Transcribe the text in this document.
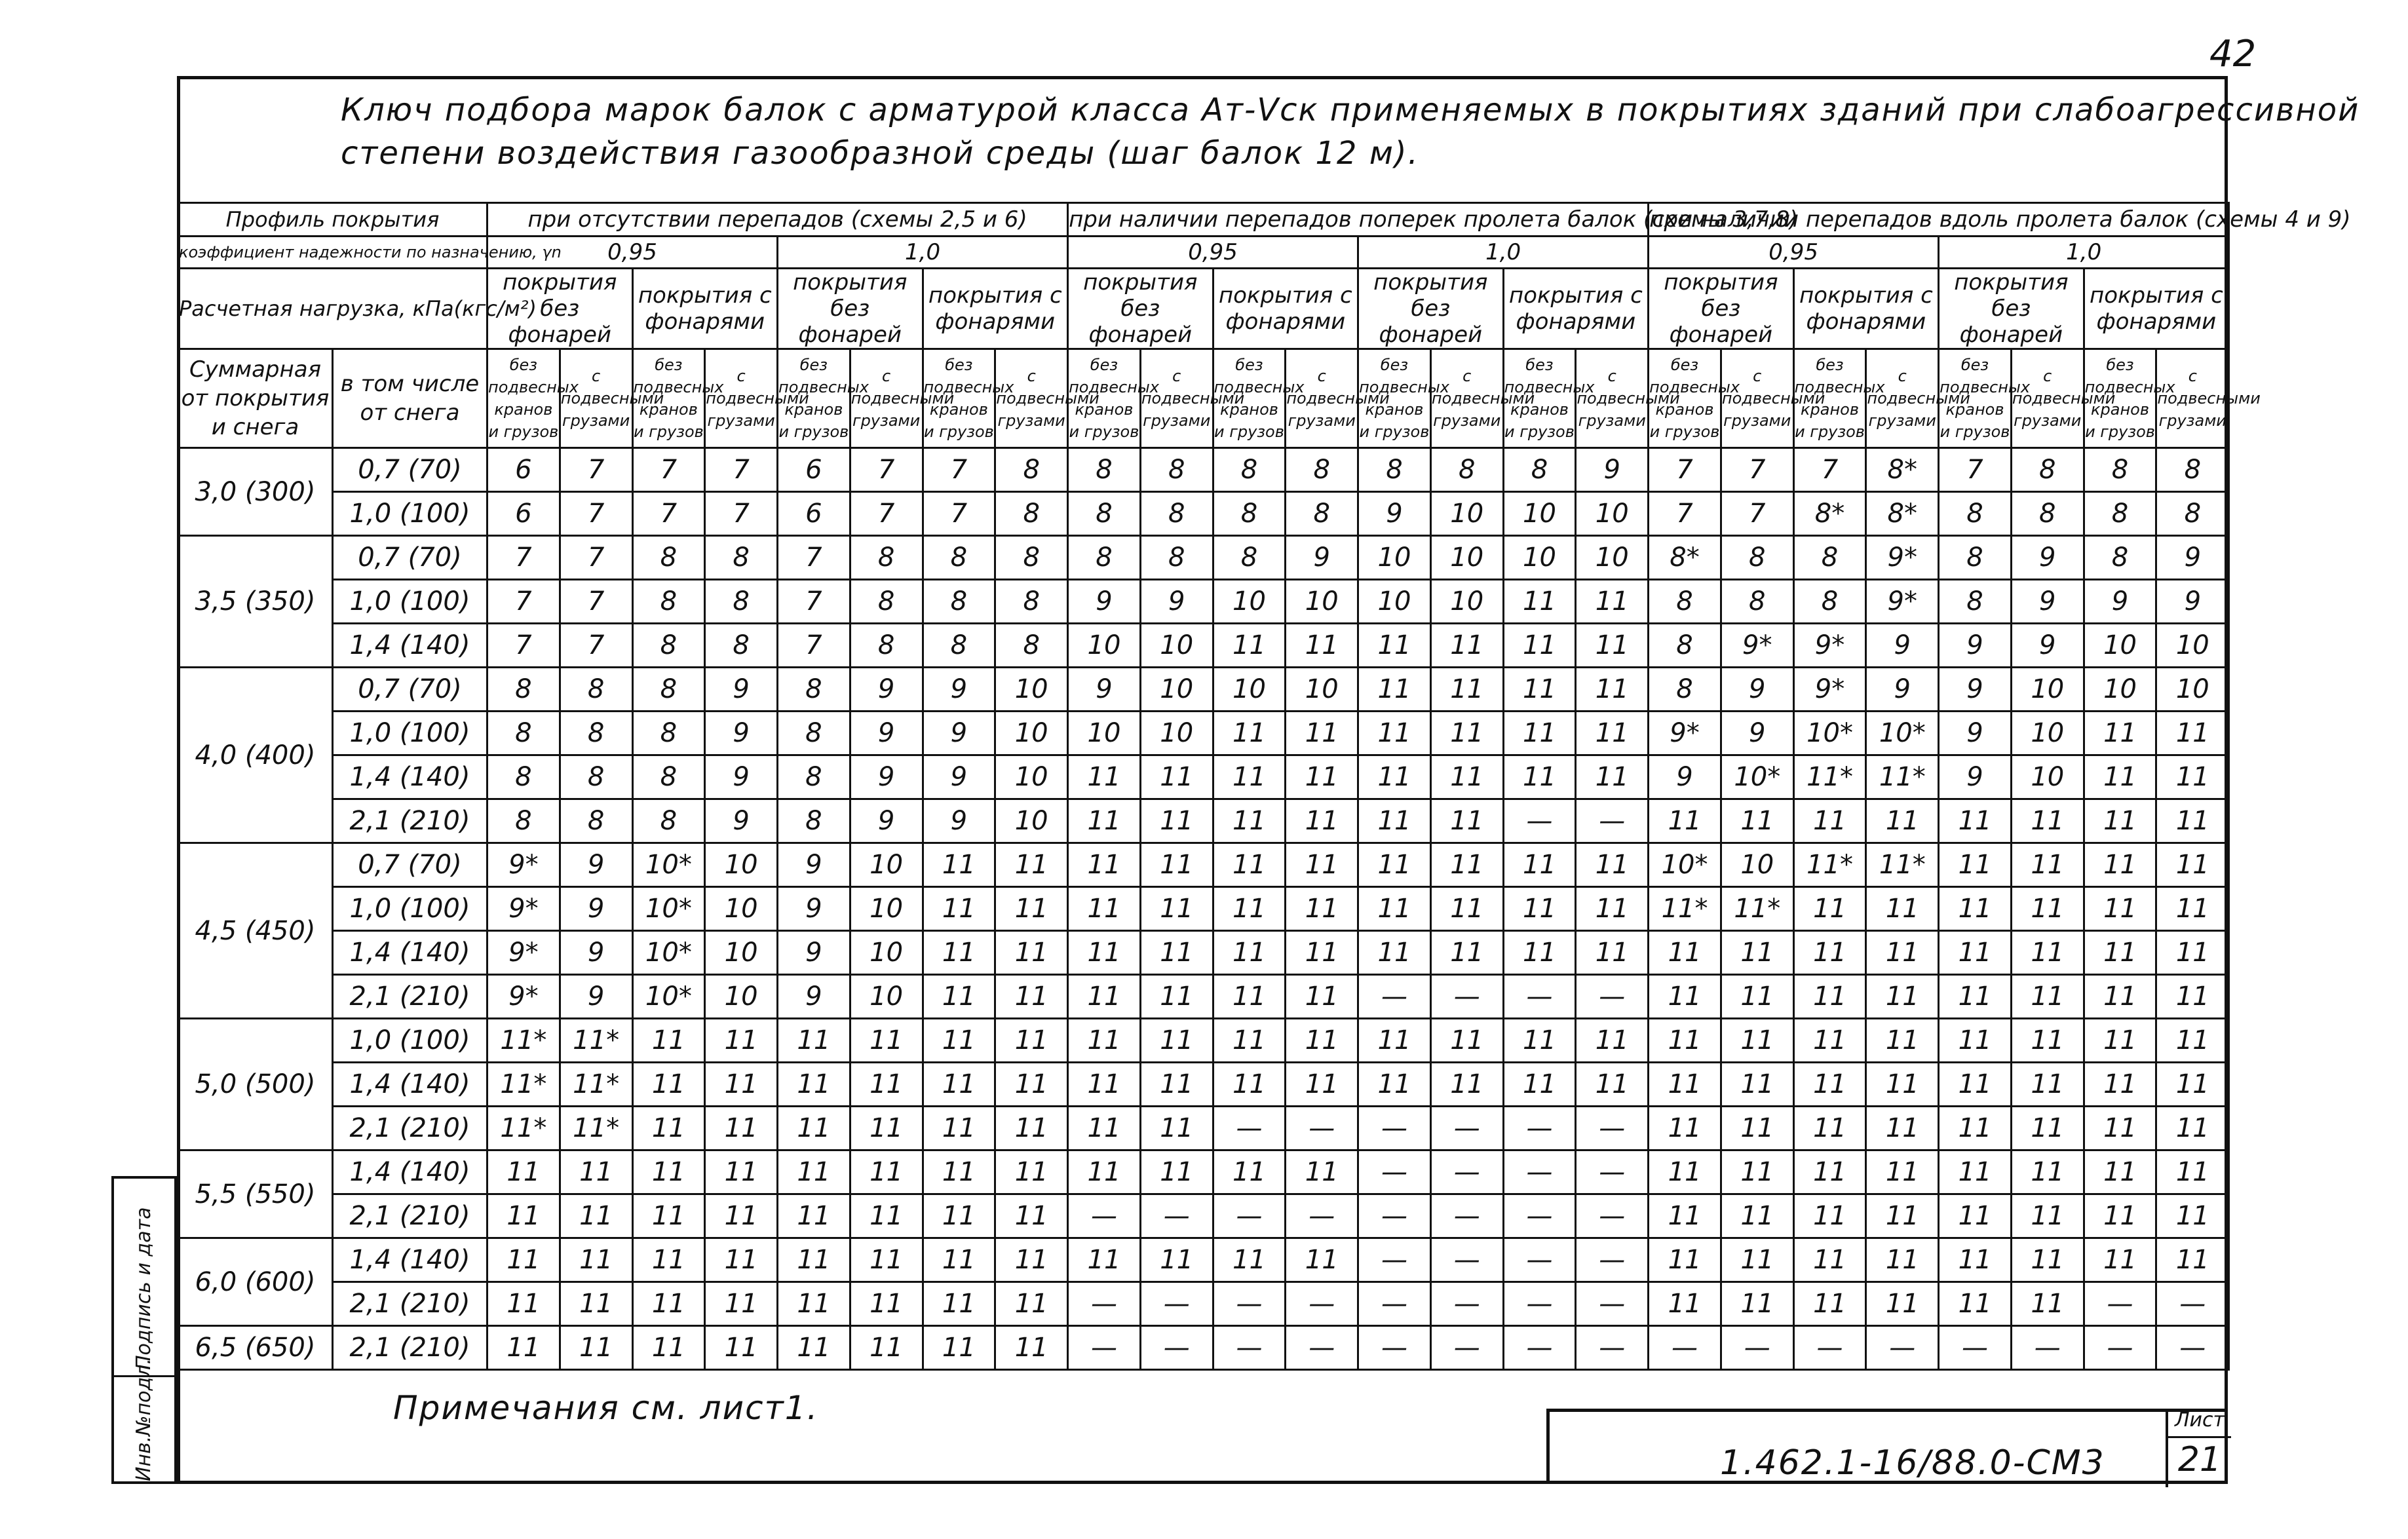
42
Ключ подбора марок балок с арматурой класса Ат-Ⅴск применяемых в покрытиях зданий при слабоагрессивной
степени воздействия газообразной среды (шаг балок 12 м).
Профиль покрытия		при отсутствии перепадов (схемы 2,5 и 6)								при наличии перепадов поперек пролета балок (схемы 3,7,8)								при наличии перепадов вдоль пролета балок (схемы 4 и 9)							
коэффициент надежности по назначению, γn		0,95				1,0				0,95				1,0				0,95				1,0			
Расчетная нагрузка, кПа(кгс/м²)		покрытия без фонарей		покрытия с фонарями		покрытия без фонарей		покрытия с фонарями		покрытия без фонарей		покрытия с фонарями		покрытия без фонарей		покрытия с фонарями		покрытия без фонарей		покрытия с фонарями		покрытия без фонарей		покрытия с фонарями	
Суммарная от покрытия и снега	в том числе от снега	без подвесных кранов и грузов	с подвесными грузами	без подвесных кранов и грузов	с подвесными грузами	без подвесных кранов и грузов	с подвесными грузами	без подвесных кранов и грузов	с подвесными грузами	без подвесных кранов и грузов	с подвесными грузами	без подвесных кранов и грузов	с подвесными грузами	без подвесных кранов и грузов	с подвесными грузами	без подвесных кранов и грузов	с подвесными грузами	без подвесных кранов и грузов	с подвесными грузами	без подвесных кранов и грузов	с подвесными грузами	без подвесных кранов и грузов	с подвесными грузами	без подвесных кранов и грузов	с подвесными грузами
3,0 (300)	0,7 (70)	6	7	7	7	6	7	7	8	8	8	8	8	8	8	8	9	7	7	7	8*	7	8	8	8
	1,0 (100)	6	7	7	7	6	7	7	8	8	8	8	8	9	10	10	10	7	7	8*	8*	8	8	8	8
3,5 (350)	0,7 (70)	7	7	8	8	7	8	8	8	8	8	8	9	10	10	10	10	8*	8	8	9*	8	9	8	9
	1,0 (100)	7	7	8	8	7	8	8	8	9	9	10	10	10	10	11	11	8	8	8	9*	8	9	9	9
	1,4 (140)	7	7	8	8	7	8	8	8	10	10	11	11	11	11	11	11	8	9*	9*	9	9	9	10	10
4,0 (400)	0,7 (70)	8	8	8	9	8	9	9	10	9	10	10	10	11	11	11	11	8	9	9*	9	9	10	10	10
	1,0 (100)	8	8	8	9	8	9	9	10	10	10	11	11	11	11	11	11	9*	9	10*	10*	9	10	11	11
	1,4 (140)	8	8	8	9	8	9	9	10	11	11	11	11	11	11	11	11	9	10*	11*	11*	9	10	11	11
	2,1 (210)	8	8	8	9	8	9	9	10	11	11	11	11	11	11	—	—	11	11	11	11	11	11	11	11
4,5 (450)	0,7 (70)	9*	9	10*	10	9	10	11	11	11	11	11	11	11	11	11	11	10*	10	11*	11*	11	11	11	11
	1,0 (100)	9*	9	10*	10	9	10	11	11	11	11	11	11	11	11	11	11	11*	11*	11	11	11	11	11	11
	1,4 (140)	9*	9	10*	10	9	10	11	11	11	11	11	11	11	11	11	11	11	11	11	11	11	11	11	11
	2,1 (210)	9*	9	10*	10	9	10	11	11	11	11	11	11	—	—	—	—	11	11	11	11	11	11	11	11
5,0 (500)	1,0 (100)	11*	11*	11	11	11	11	11	11	11	11	11	11	11	11	11	11	11	11	11	11	11	11	11	11
	1,4 (140)	11*	11*	11	11	11	11	11	11	11	11	11	11	11	11	11	11	11	11	11	11	11	11	11	11
	2,1 (210)	11*	11*	11	11	11	11	11	11	11	11	—	—	—	—	—	—	11	11	11	11	11	11	11	11
5,5 (550)	1,4 (140)	11	11	11	11	11	11	11	11	11	11	11	11	—	—	—	—	11	11	11	11	11	11	11	11
	2,1 (210)	11	11	11	11	11	11	11	11	—	—	—	—	—	—	—	—	11	11	11	11	11	11	11	11
6,0 (600)	1,4 (140)	11	11	11	11	11	11	11	11	11	11	11	11	—	—	—	—	11	11	11	11	11	11	11	11
	2,1 (210)	11	11	11	11	11	11	11	11	—	—	—	—	—	—	—	—	11	11	11	11	11	11	—	—
6,5 (650)	2,1 (210)	11	11	11	11	11	11	11	11	—	—	—	—	—	—	—	—	—	—	—	—	—	—	—	—
Инв.№подл.
Подпись и дата
Примечания см. лист1.
1.462.1-16/88.0-СМ3
Лист
21
